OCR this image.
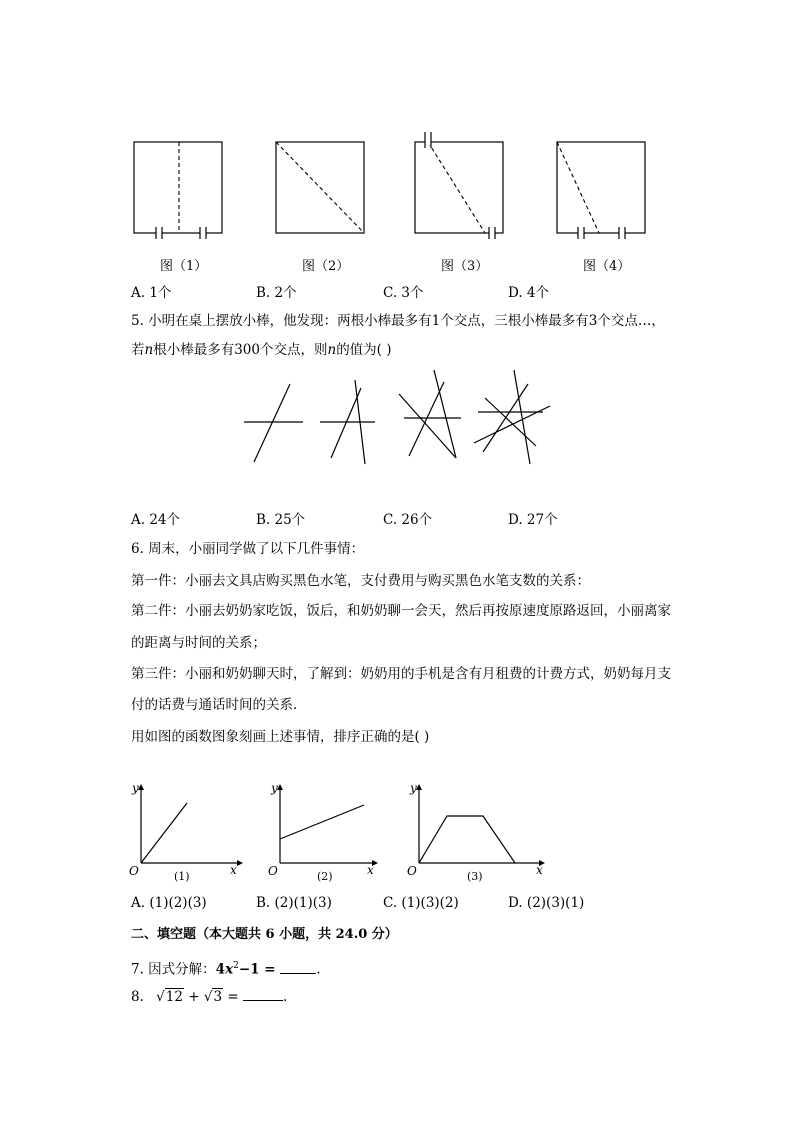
图（1）	图（2）	图（3）	图（4）
A. 1个	B. 2个	C. 3个	D. 4个
5. 小明在桌上摆放小棒，他发现：两根小棒最多有1个交点，三根小棒最多有3个交点…，
若n根小棒最多有300个交点，则n的值为( )
A. 24个	B. 25个	C. 26个	D. 27个
6. 周末，小丽同学做了以下几件事情：
第一件：小丽去文具店购买黑色水笔，支付费用与购买黑色水笔支数的关系：
第二件：小丽去奶奶家吃饭，饭后，和奶奶聊一会天，然后再按原速度原路返回，小丽离家
的距离与时间的关系；
第三件：小丽和奶奶聊天时，了解到：奶奶用的手机是含有月租费的计费方式，奶奶每月支
付的话费与通话时间的关系．
用如图的函数图象刻画上述事情，排序正确的是( )
y
x
O	(1)
y
x
O	(2)
y
x
O	(3)
A. (1)(2)(3)	B. (2)(1)(3)	C. (1)(3)(2)	D. (2)(3)(1)
二、填空题（本大题共 6 小题，共 24.0 分）
7. 因式分解：$4x^2-1$ =	.
8. √12 + √3 =	.
